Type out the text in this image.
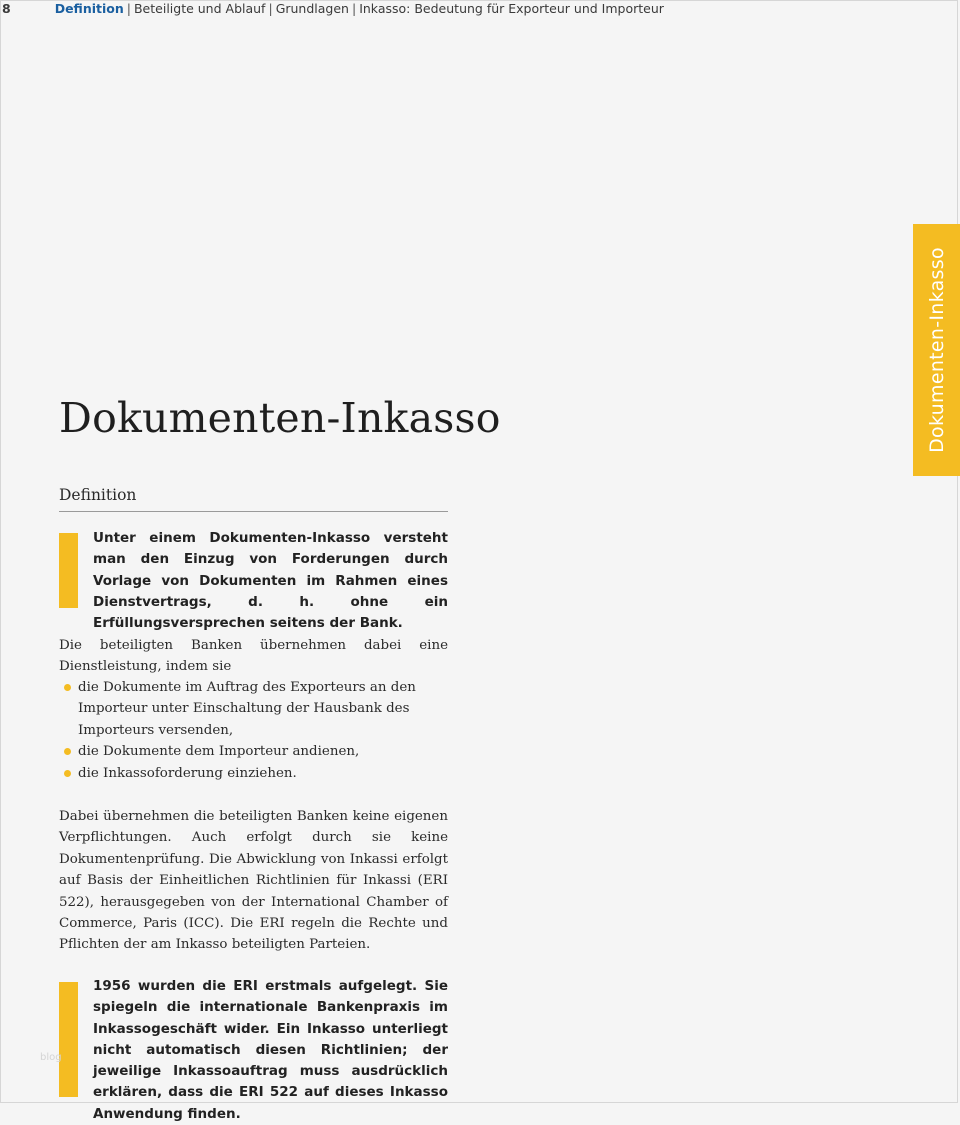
8	Definition | Beteiligte und Ablauf | Grundlagen | Inkasso: Bedeutung für Exporteur und Importeur
Dokumenten-Inkasso
Dokumenten-Inkasso
Definition

Unter einem Dokumenten-Inkasso versteht man den Einzug von Forderungen durch Vorlage von Dokumenten im Rahmen eines Dienstvertrags, d. h. ohne ein Erfüllungsversprechen seitens der Bank.

Die beteiligten Banken übernehmen dabei eine Dienstleistung, indem sie

die Dokumente im Auftrag des Exporteurs an den Importeur unter Einschaltung der Hausbank des Importeurs versenden,
die Dokumente dem Importeur andienen,
die Inkassoforderung einziehen.

Dabei übernehmen die beteiligten Banken keine eigenen Verpflichtungen. Auch erfolgt durch sie keine Dokumentenprüfung. Die Abwicklung von Inkassi erfolgt auf Basis der Einheitlichen Richtlinien für Inkassi (ERI 522), herausgegeben von der International Chamber of Commerce, Paris (ICC). Die ERI regeln die Rechte und Pflichten der am Inkasso beteiligten Parteien.

1956 wurden die ERI erstmals aufgelegt. Sie spiegeln die internationale Bankenpraxis im Inkassogeschäft wider. Ein Inkasso unterliegt nicht automatisch diesen Richtlinien; der jeweilige Inkassoauftrag muss ausdrücklich erklären, dass die ERI 522 auf dieses Inkasso Anwendung finden.

blog
